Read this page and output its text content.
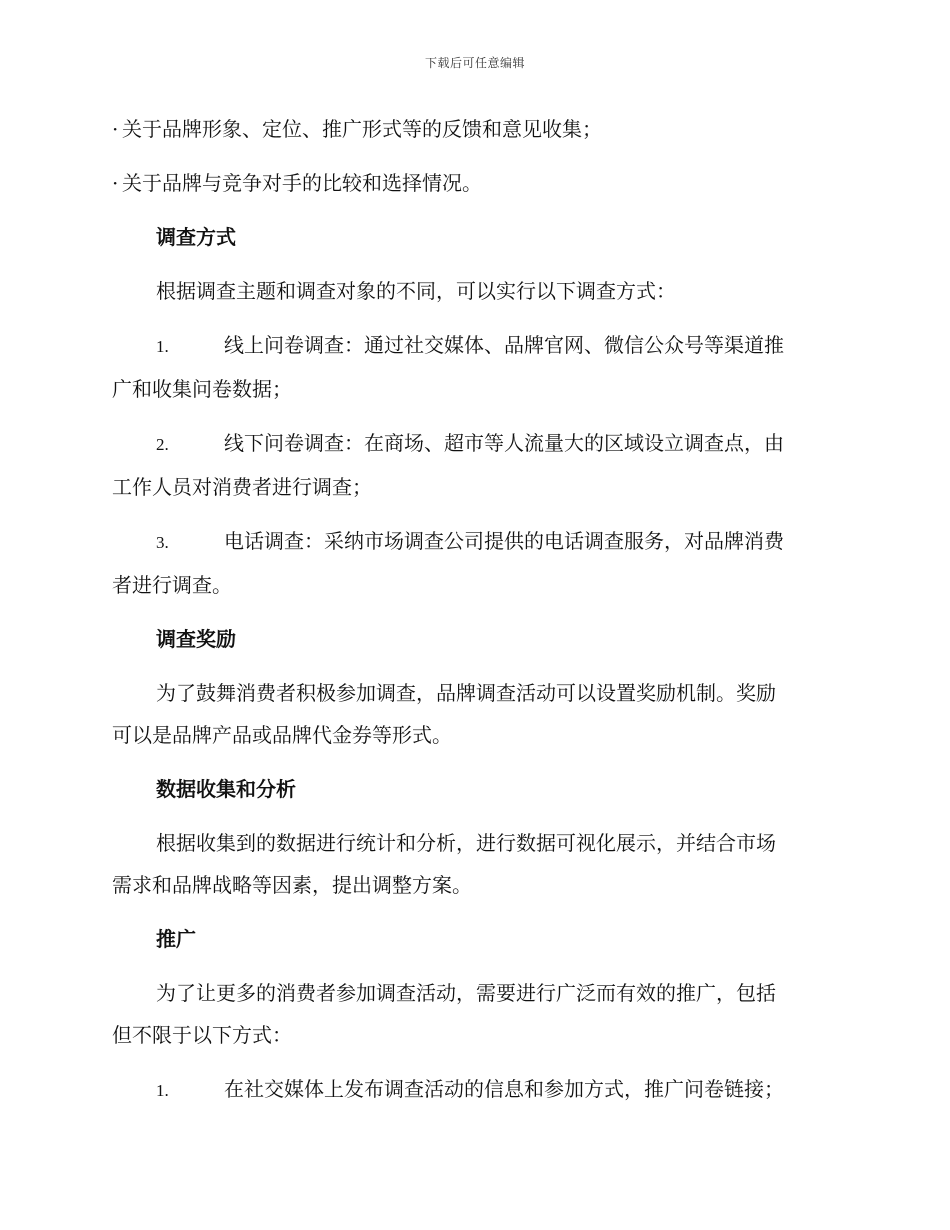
下载后可任意编辑

· 关于品牌形象、定位、推广形式等的反馈和意见收集；

· 关于品牌与竞争对手的比较和选择情况。

调查方式

根据调查主题和调查对象的不同，可以实行以下调查方式：

1.	线上问卷调查：通过社交媒体、品牌官网、微信公众号等渠道推

广和收集问卷数据；

2.	线下问卷调查：在商场、超市等人流量大的区域设立调查点，由

工作人员对消费者进行调查；

3.	电话调查：采纳市场调查公司提供的电话调查服务，对品牌消费

者进行调查。

调查奖励

为了鼓舞消费者积极参加调查，品牌调查活动可以设置奖励机制。奖励

可以是品牌产品或品牌代金券等形式。

数据收集和分析

根据收集到的数据进行统计和分析，进行数据可视化展示，并结合市场

需求和品牌战略等因素，提出调整方案。

推广

为了让更多的消费者参加调查活动，需要进行广泛而有效的推广，包括

但不限于以下方式：

1.	在社交媒体上发布调查活动的信息和参加方式，推广问卷链接；
